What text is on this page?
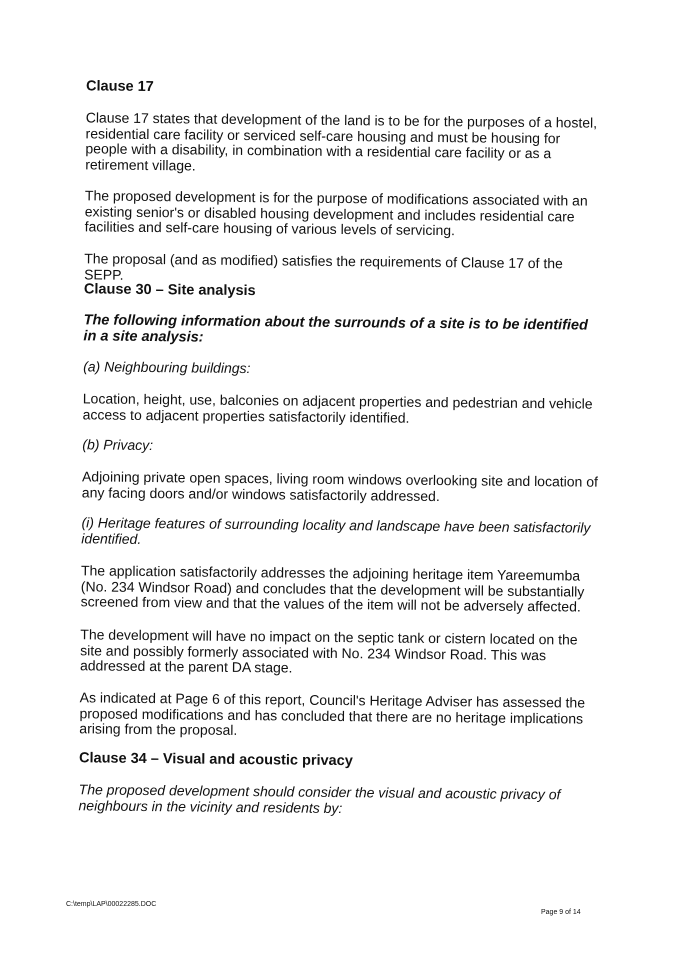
Clause 17

Clause 17 states that development of the land is to be for the purposes of a hostel, residential care facility or serviced self-care housing and must be housing for people with a disability, in combination with a residential care facility or as a retirement village.

The proposed development is for the purpose of modifications associated with an existing senior's or disabled housing development and includes residential care facilities and self-care housing of various levels of servicing.

The proposal (and as modified) satisfies the requirements of Clause 17 of the SEPP.

Clause 30 – Site analysis

The following information about the surrounds of a site is to be identified in a site analysis:

(a) Neighbouring buildings:

Location, height, use, balconies on adjacent properties and pedestrian and vehicle access to adjacent properties satisfactorily identified.

(b) Privacy:

Adjoining private open spaces, living room windows overlooking site and location of any facing doors and/or windows satisfactorily addressed.

(i) Heritage features of surrounding locality and landscape have been satisfactorily identified.

The application satisfactorily addresses the adjoining heritage item Yareemumba (No. 234 Windsor Road) and concludes that the development will be substantially screened from view and that the values of the item will not be adversely affected.

The development will have no impact on the septic tank or cistern located on the site and possibly formerly associated with No. 234 Windsor Road. This was addressed at the parent DA stage.

As indicated at Page 6 of this report, Council's Heritage Adviser has assessed the proposed modifications and has concluded that there are no heritage implications arising from the proposal.

Clause 34 – Visual and acoustic privacy

The proposed development should consider the visual and acoustic privacy of neighbours in the vicinity and residents by:

C:\temp\LAP\00022285.DOC
Page 9 of 14
